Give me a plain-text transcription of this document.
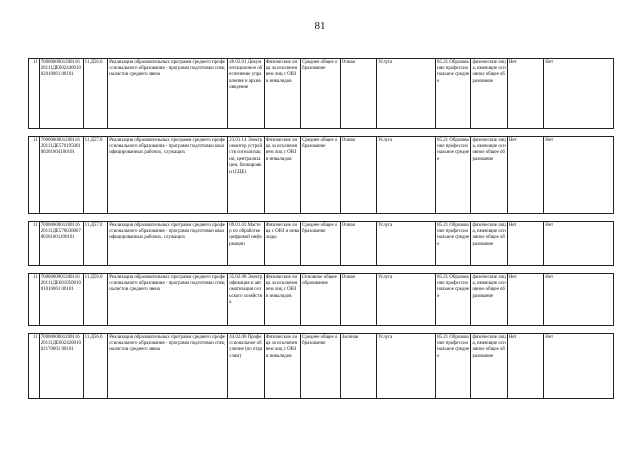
81
11	700000000120011620111ДЕ60244001002010061 00101	11.Д56.0	Реализация образовательных программ среднего профессионального образования - программ подготовки специалистов среднего звена	46.02.01 Документационное обеспечение управления и архивоведение	Физические лица за исключением лиц с ОВЗ и инвалидов	Среднее общее образование	Очная	Услуга	85.21 Образование профессиональное среднее	физические лица, имеющие основное общее образование	Нет	Нет

11	700000000120011620111ДЕ57019500100201004100101	11.Д57.0	Реализация образовательных программ среднего профессионального образования - программ подготовки квалифицированных рабочих, служащих	23.01.14 Электромонтер устройств сигнализации, централизации, блокировки (СЦБ)	Физические лица за исключением лиц с ОВЗ и инвалидов	Среднее общее образование	Очная	Услуга	85.21 Образование профессиональное среднее	физические лица, имеющие основное общее образование	Нет	Нет

11	700000000120011620111ДЕ57003006700201001100101	11.Д57.0	Реализация образовательных программ среднего профессионального образования - программ подготовки квалифицированных рабочих, служащих	09.01.03 Мастер по обработке цифровой информации	Физические лица с ОВЗ и инвалиды	Среднее общее образование	Очная	Услуга	85.21 Образование профессиональное среднее	физические лица, имеющие основное общее образование	Нет	Нет

11	700000000120011620111ДЕ60195001001010061 00101	11.Д56.0	Реализация образовательных программ среднего профессионального образования - программ подготовки специалистов среднего звена	35.02.08 Электрификация и автоматизация сельского хозяйства	Физические лица за исключением лиц с ОВЗ и инвалидов	Основное общее образование	Очная	Услуга	85.21 Образование профессиональное среднее	физические лица, имеющие основное общее образование	Нет	Нет

11	700000000120011620111ДЕ60242001002170001 00101	11.Д56.0	Реализация образовательных программ среднего профессионального образования - программ подготовки специалистов среднего звена	44.02.06 Профессиональное обучение (по отраслям)	Физические лица за исключением лиц с ОВЗ и инвалидов	Среднее общее образование	Заочная	Услуга	85.21 Образование профессиональное среднее	физические лица, имеющие основное общее образование	Нет	Нет
